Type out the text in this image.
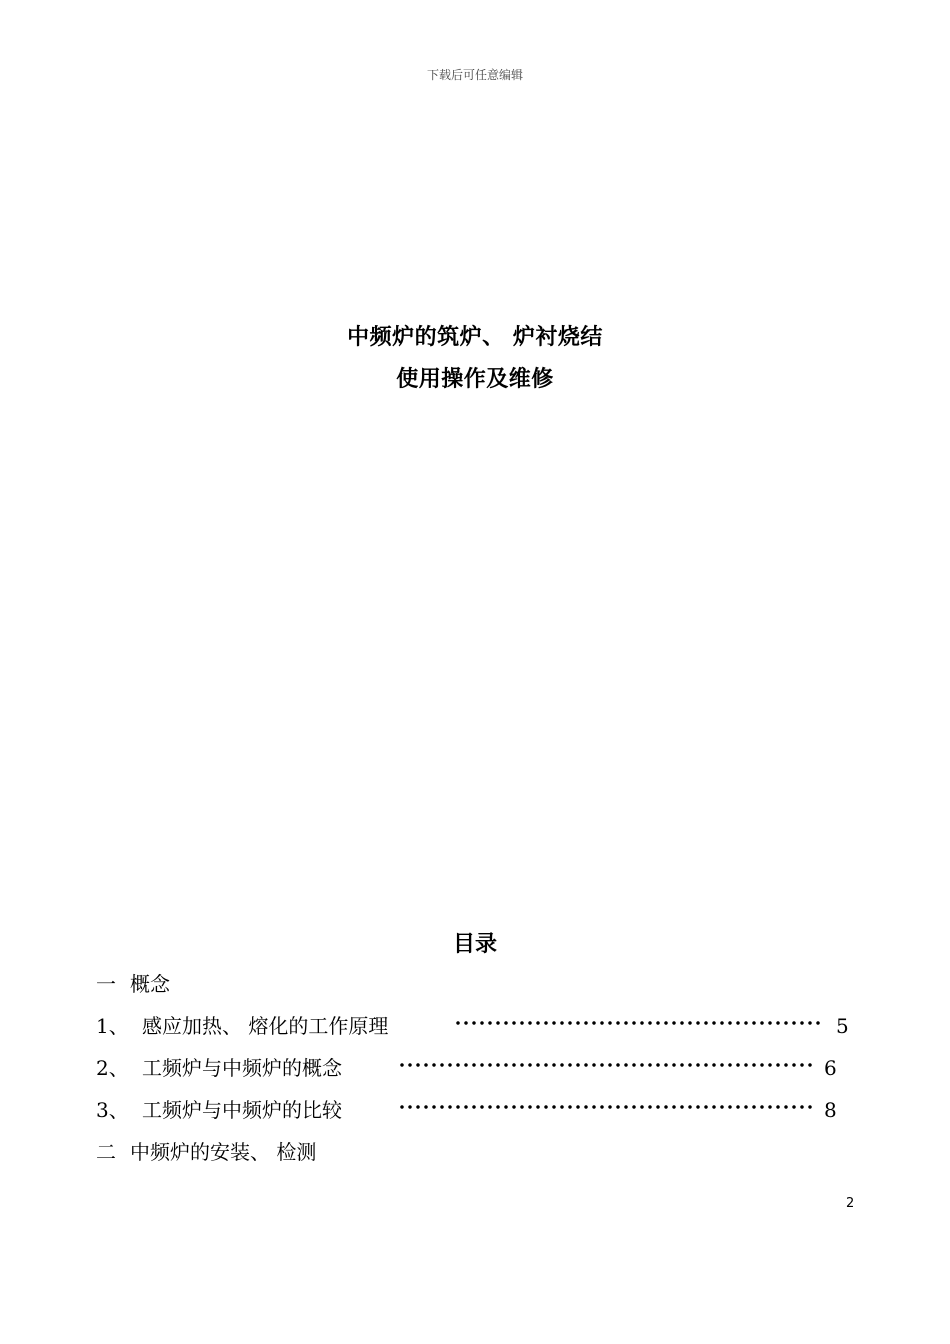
下载后可任意编辑
中频炉的筑炉、 炉衬烧结
使用操作及维修
目录
一 概念
1、 感应加热、 熔化的工作原理	5
2、 工频炉与中频炉的概念	6
3、 工频炉与中频炉的比较	8
二 中频炉的安装、 检测
2
